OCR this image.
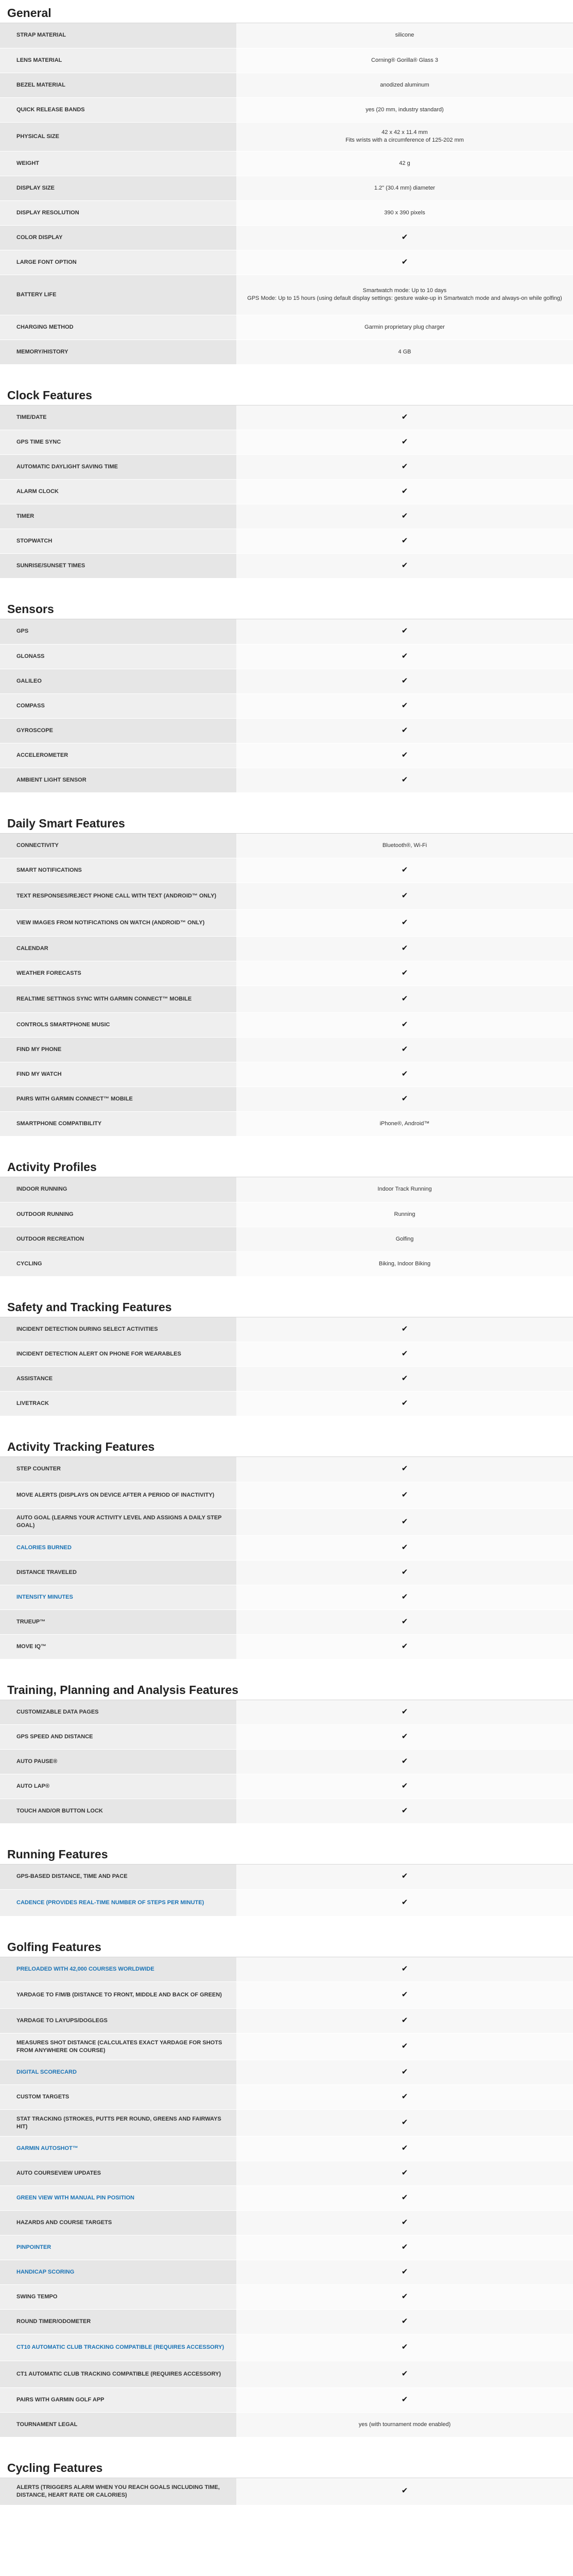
General
STRAP MATERIAL	silicone
LENS MATERIAL	Corning® Gorilla® Glass 3
BEZEL MATERIAL	anodized aluminum
QUICK RELEASE BANDS	yes (20 mm, industry standard)
PHYSICAL SIZE	42 x 42 x 11.4 mm
Fits wrists with a circumference of 125-202 mm
WEIGHT	42 g
DISPLAY SIZE	1.2" (30.4 mm) diameter
DISPLAY RESOLUTION	390 x 390 pixels
COLOR DISPLAY	✔
LARGE FONT OPTION	✔
BATTERY LIFE	Smartwatch mode: Up to 10 days
GPS Mode: Up to 15 hours (using default display settings: gesture wake-up in Smartwatch mode and always-on while golfing)
CHARGING METHOD	Garmin proprietary plug charger
MEMORY/HISTORY	4 GB
Clock Features
TIME/DATE	✔
GPS TIME SYNC	✔
AUTOMATIC DAYLIGHT SAVING TIME	✔
ALARM CLOCK	✔
TIMER	✔
STOPWATCH	✔
SUNRISE/SUNSET TIMES	✔
Sensors
GPS	✔
GLONASS	✔
GALILEO	✔
COMPASS	✔
GYROSCOPE	✔
ACCELEROMETER	✔
AMBIENT LIGHT SENSOR	✔
Daily Smart Features
CONNECTIVITY	Bluetooth®, Wi-Fi
SMART NOTIFICATIONS	✔
TEXT RESPONSES/REJECT PHONE CALL WITH TEXT (ANDROID™ ONLY)	✔
VIEW IMAGES FROM NOTIFICATIONS ON WATCH (ANDROID™ ONLY)	✔
CALENDAR	✔
WEATHER FORECASTS	✔
REALTIME SETTINGS SYNC WITH GARMIN CONNECT™ MOBILE	✔
CONTROLS SMARTPHONE MUSIC	✔
FIND MY PHONE	✔
FIND MY WATCH	✔
PAIRS WITH GARMIN CONNECT™ MOBILE	✔
SMARTPHONE COMPATIBILITY	iPhone®, Android™
Activity Profiles
INDOOR RUNNING	Indoor Track Running
OUTDOOR RUNNING	Running
OUTDOOR RECREATION	Golfing
CYCLING	Biking, Indoor Biking
Safety and Tracking Features
INCIDENT DETECTION DURING SELECT ACTIVITIES	✔
INCIDENT DETECTION ALERT ON PHONE FOR WEARABLES	✔
ASSISTANCE	✔
LIVETRACK	✔
Activity Tracking Features
STEP COUNTER	✔
MOVE ALERTS (DISPLAYS ON DEVICE AFTER A PERIOD OF INACTIVITY)	✔
AUTO GOAL (LEARNS YOUR ACTIVITY LEVEL AND ASSIGNS A DAILY STEP GOAL)	✔
CALORIES BURNED	✔
DISTANCE TRAVELED	✔
INTENSITY MINUTES	✔
TRUEUP™	✔
MOVE IQ™	✔
Training, Planning and Analysis Features
CUSTOMIZABLE DATA PAGES	✔
GPS SPEED AND DISTANCE	✔
AUTO PAUSE®	✔
AUTO LAP®	✔
TOUCH AND/OR BUTTON LOCK	✔
Running Features
GPS-BASED DISTANCE, TIME AND PACE	✔
CADENCE (PROVIDES REAL-TIME NUMBER OF STEPS PER MINUTE)	✔
Golfing Features
PRELOADED WITH 42,000 COURSES WORLDWIDE	✔
YARDAGE TO F/M/B (DISTANCE TO FRONT, MIDDLE AND BACK OF GREEN)	✔
YARDAGE TO LAYUPS/DOGLEGS	✔
MEASURES SHOT DISTANCE (CALCULATES EXACT YARDAGE FOR SHOTS FROM ANYWHERE ON COURSE)	✔
DIGITAL SCORECARD	✔
CUSTOM TARGETS	✔
STAT TRACKING (STROKES, PUTTS PER ROUND, GREENS AND FAIRWAYS HIT)	✔
GARMIN AUTOSHOT™	✔
AUTO COURSEVIEW UPDATES	✔
GREEN VIEW WITH MANUAL PIN POSITION	✔
HAZARDS AND COURSE TARGETS	✔
PINPOINTER	✔
HANDICAP SCORING	✔
SWING TEMPO	✔
ROUND TIMER/ODOMETER	✔
CT10 AUTOMATIC CLUB TRACKING COMPATIBLE (REQUIRES ACCESSORY)	✔
CT1 AUTOMATIC CLUB TRACKING COMPATIBLE (REQUIRES ACCESSORY)	✔
PAIRS WITH GARMIN GOLF APP	✔
TOURNAMENT LEGAL	yes (with tournament mode enabled)
Cycling Features
ALERTS (TRIGGERS ALARM WHEN YOU REACH GOALS INCLUDING TIME, DISTANCE, HEART RATE OR CALORIES)	✔
